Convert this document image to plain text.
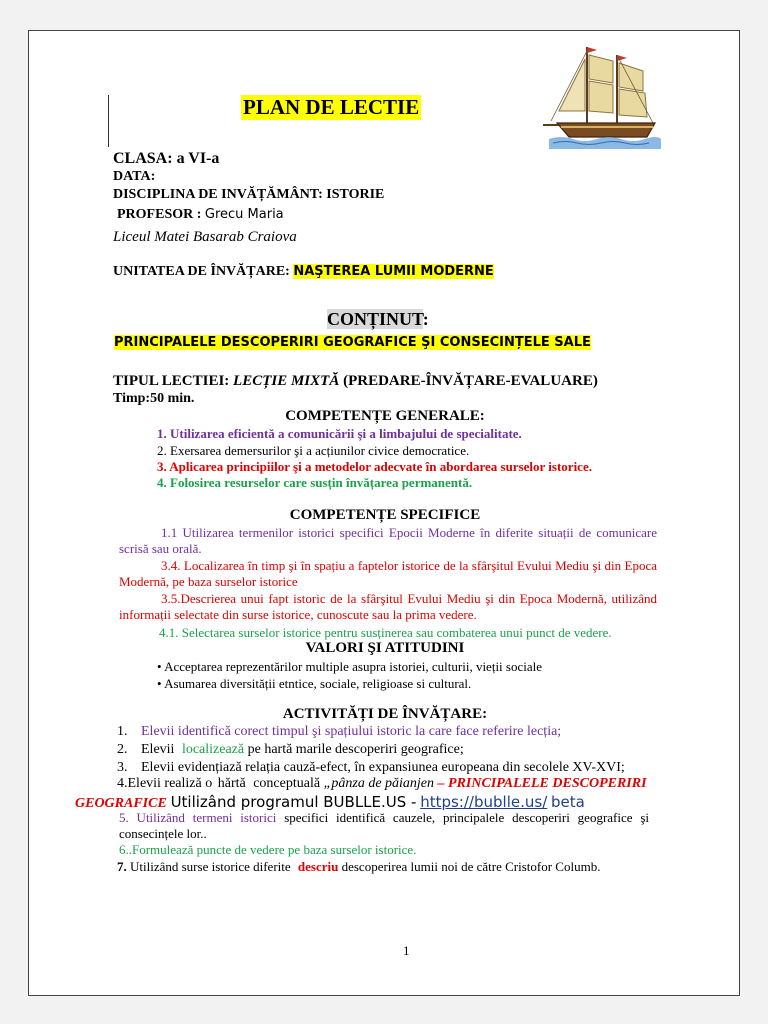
PLAN DE LECTIE
CLASA: a VI-a
DATA:
DISCIPLINA DE INVĂȚĂMÂNT: ISTORIE
PROFESOR : Grecu Maria
Liceul Matei Basarab Craiova
UNITATEA DE ÎNVĂȚARE: NAŞTEREA LUMII MODERNE
CONȚINUT:
PRINCIPALELE DESCOPERIRI GEOGRAFICE ŞI CONSECINȚELE SALE
TIPUL LECTIEI: LECȚIE MIXTĂ (PREDARE-ÎNVĂȚARE-EVALUARE)
Timp:50 min.
COMPETENȚE GENERALE:
1. Utilizarea eficientă a comunicării şi a limbajului de specialitate.
2. Exersarea demersurilor şi a acțiunilor civice democratice.
3. Aplicarea principiilor şi a metodelor adecvate în abordarea surselor istorice.
4. Folosirea resurselor care susțin învățarea permanentă.
COMPETENȚE SPECIFICE
1.1 Utilizarea termenilor istorici specifici Epocii Moderne în diferite situații de comunicare scrisă sau orală.
3.4. Localizarea în timp şi în spațiu a faptelor istorice de la sfârşitul Evului Mediu şi din Epoca Modernă, pe baza surselor istorice
3.5.Descrierea unui fapt istoric de la sfârşitul Evului Mediu şi din Epoca Modernă, utilizând informații selectate din surse istorice, cunoscute sau la prima vedere.
4.1. Selectarea surselor istorice pentru susținerea sau combaterea unui punct de vedere.
VALORI ŞI ATITUDINI
• Acceptarea reprezentărilor multiple asupra istoriei, culturii, vieții sociale
• Asumarea diversității etntice, sociale, religioase si cultural.
ACTIVITĂȚI DE ÎNVĂȚARE:
1. Elevii identifică corect timpul şi spațiului istoric la care face referire lecția;
2. Elevii localizează pe hartă marile descoperiri geografice;
3. Elevii evidențiază relația cauză-efect, în expansiunea europeana din secolele XV-XVI;
4.Elevii realiză o hărtă conceptuală „pânza de păianjen – PRINCIPALELE DESCOPERIRI
GEOGRAFICE Utilizând programul BUBLLE.US - https://bublle.us/ beta
5. Utilizând termeni istorici specifici identifică cauzele, principalele descoperiri geografice şi consecințele lor..
6..Formulează puncte de vedere pe baza surselor istorice.
7. Utilizând surse istorice diferite descriu descoperirea lumii noi de către Cristofor Columb.
1
